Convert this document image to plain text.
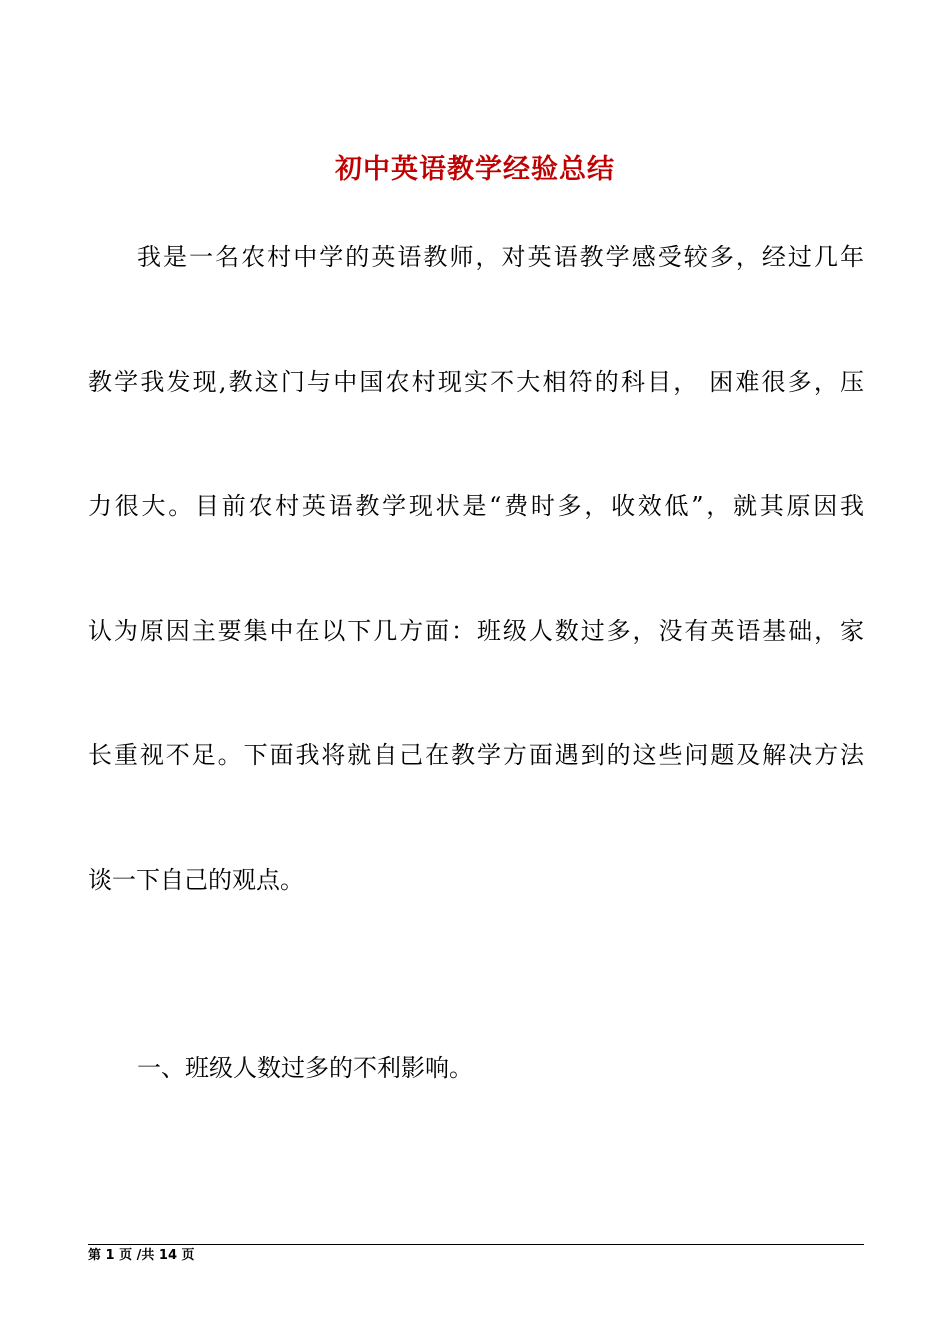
初中英语教学经验总结
我是一名农村中学的英语教师，对英语教学感受较多，经过几年
教学我发现,教这门与中国农村现实不大相符的科目， 困难很多，压
力很大。目前农村英语教学现状是“费时多，收效低”，就其原因我
认为原因主要集中在以下几方面：班级人数过多，没有英语基础，家
长重视不足。下面我将就自己在教学方面遇到的这些问题及解决方法
谈一下自己的观点。
一、班级人数过多的不利影响。
第 1 页 /共 14 页
